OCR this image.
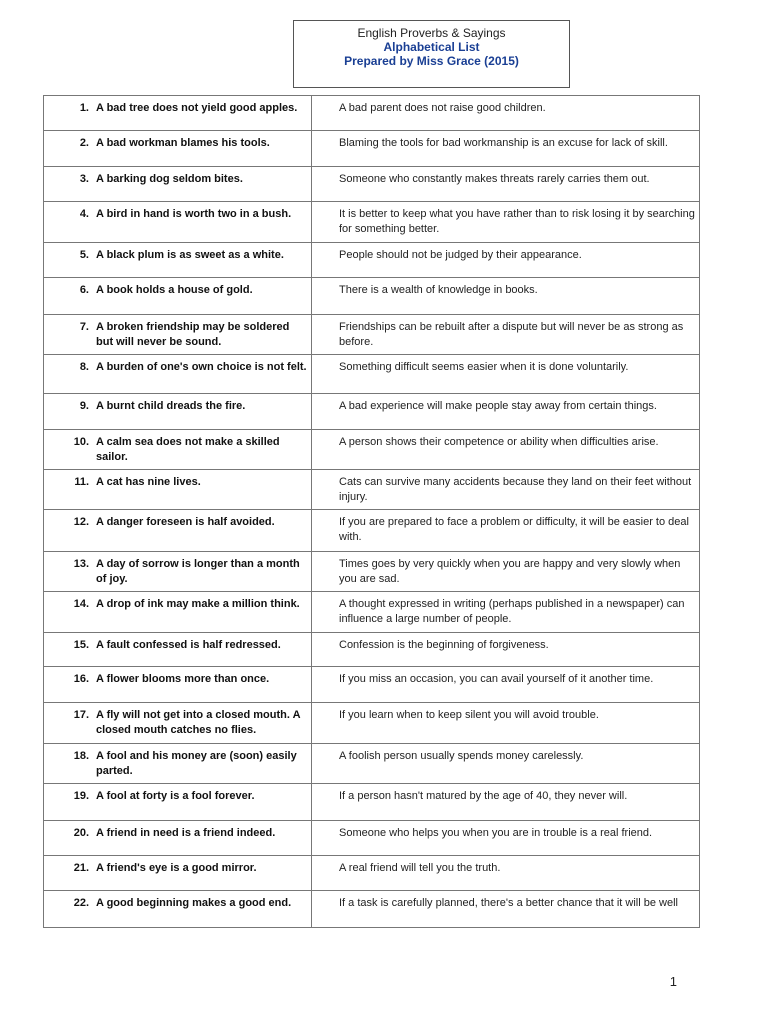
English Proverbs & Sayings
Alphabetical List
Prepared by Miss Grace (2015)
1. A bad tree does not yield good apples.	A bad parent does not raise good children.

2. A bad workman blames his tools.	Blaming the tools for bad workmanship is an excuse for lack of skill.

3. A barking dog seldom bites.	Someone who constantly makes threats rarely carries them out.

4. A bird in hand is worth two in a bush.	It is better to keep what you have rather than to risk losing it by searching for something better.

5. A black plum is as sweet as a white.	People should not be judged by their appearance.

6. A book holds a house of gold.	There is a wealth of knowledge in books.

7. A broken friendship may be soldered but will never be sound.	Friendships can be rebuilt after a dispute but will never be as strong as before.

8. A burden of one's own choice is not felt.	Something difficult seems easier when it is done voluntarily.

9. A burnt child dreads the fire.	A bad experience will make people stay away from certain things.

10. A calm sea does not make a skilled sailor.	A person shows their competence or ability when difficulties arise.

11. A cat has nine lives.	Cats can survive many accidents because they land on their feet without injury.

12. A danger foreseen is half avoided.	If you are prepared to face a problem or difficulty, it will be easier to deal with.

13. A day of sorrow is longer than a month of joy.	Times goes by very quickly when you are happy and very slowly when you are sad.

14. A drop of ink may make a million think.	A thought expressed in writing (perhaps published in a newspaper) can influence a large number of people.

15. A fault confessed is half redressed.	Confession is the beginning of forgiveness.

16. A flower blooms more than once.	If you miss an occasion, you can avail yourself of it another time.

17. A fly will not get into a closed mouth. A closed mouth catches no flies.	If you learn when to keep silent you will avoid trouble.

18. A fool and his money are (soon) easily parted.	A foolish person usually spends money carelessly.

19. A fool at forty is a fool forever.	If a person hasn't matured by the age of 40, they never will.

20. A friend in need is a friend indeed.	Someone who helps you when you are in trouble is a real friend.

21. A friend's eye is a good mirror.	A real friend will tell you the truth.

22. A good beginning makes a good end.	If a task is carefully planned, there's a better chance that it will be well
1
